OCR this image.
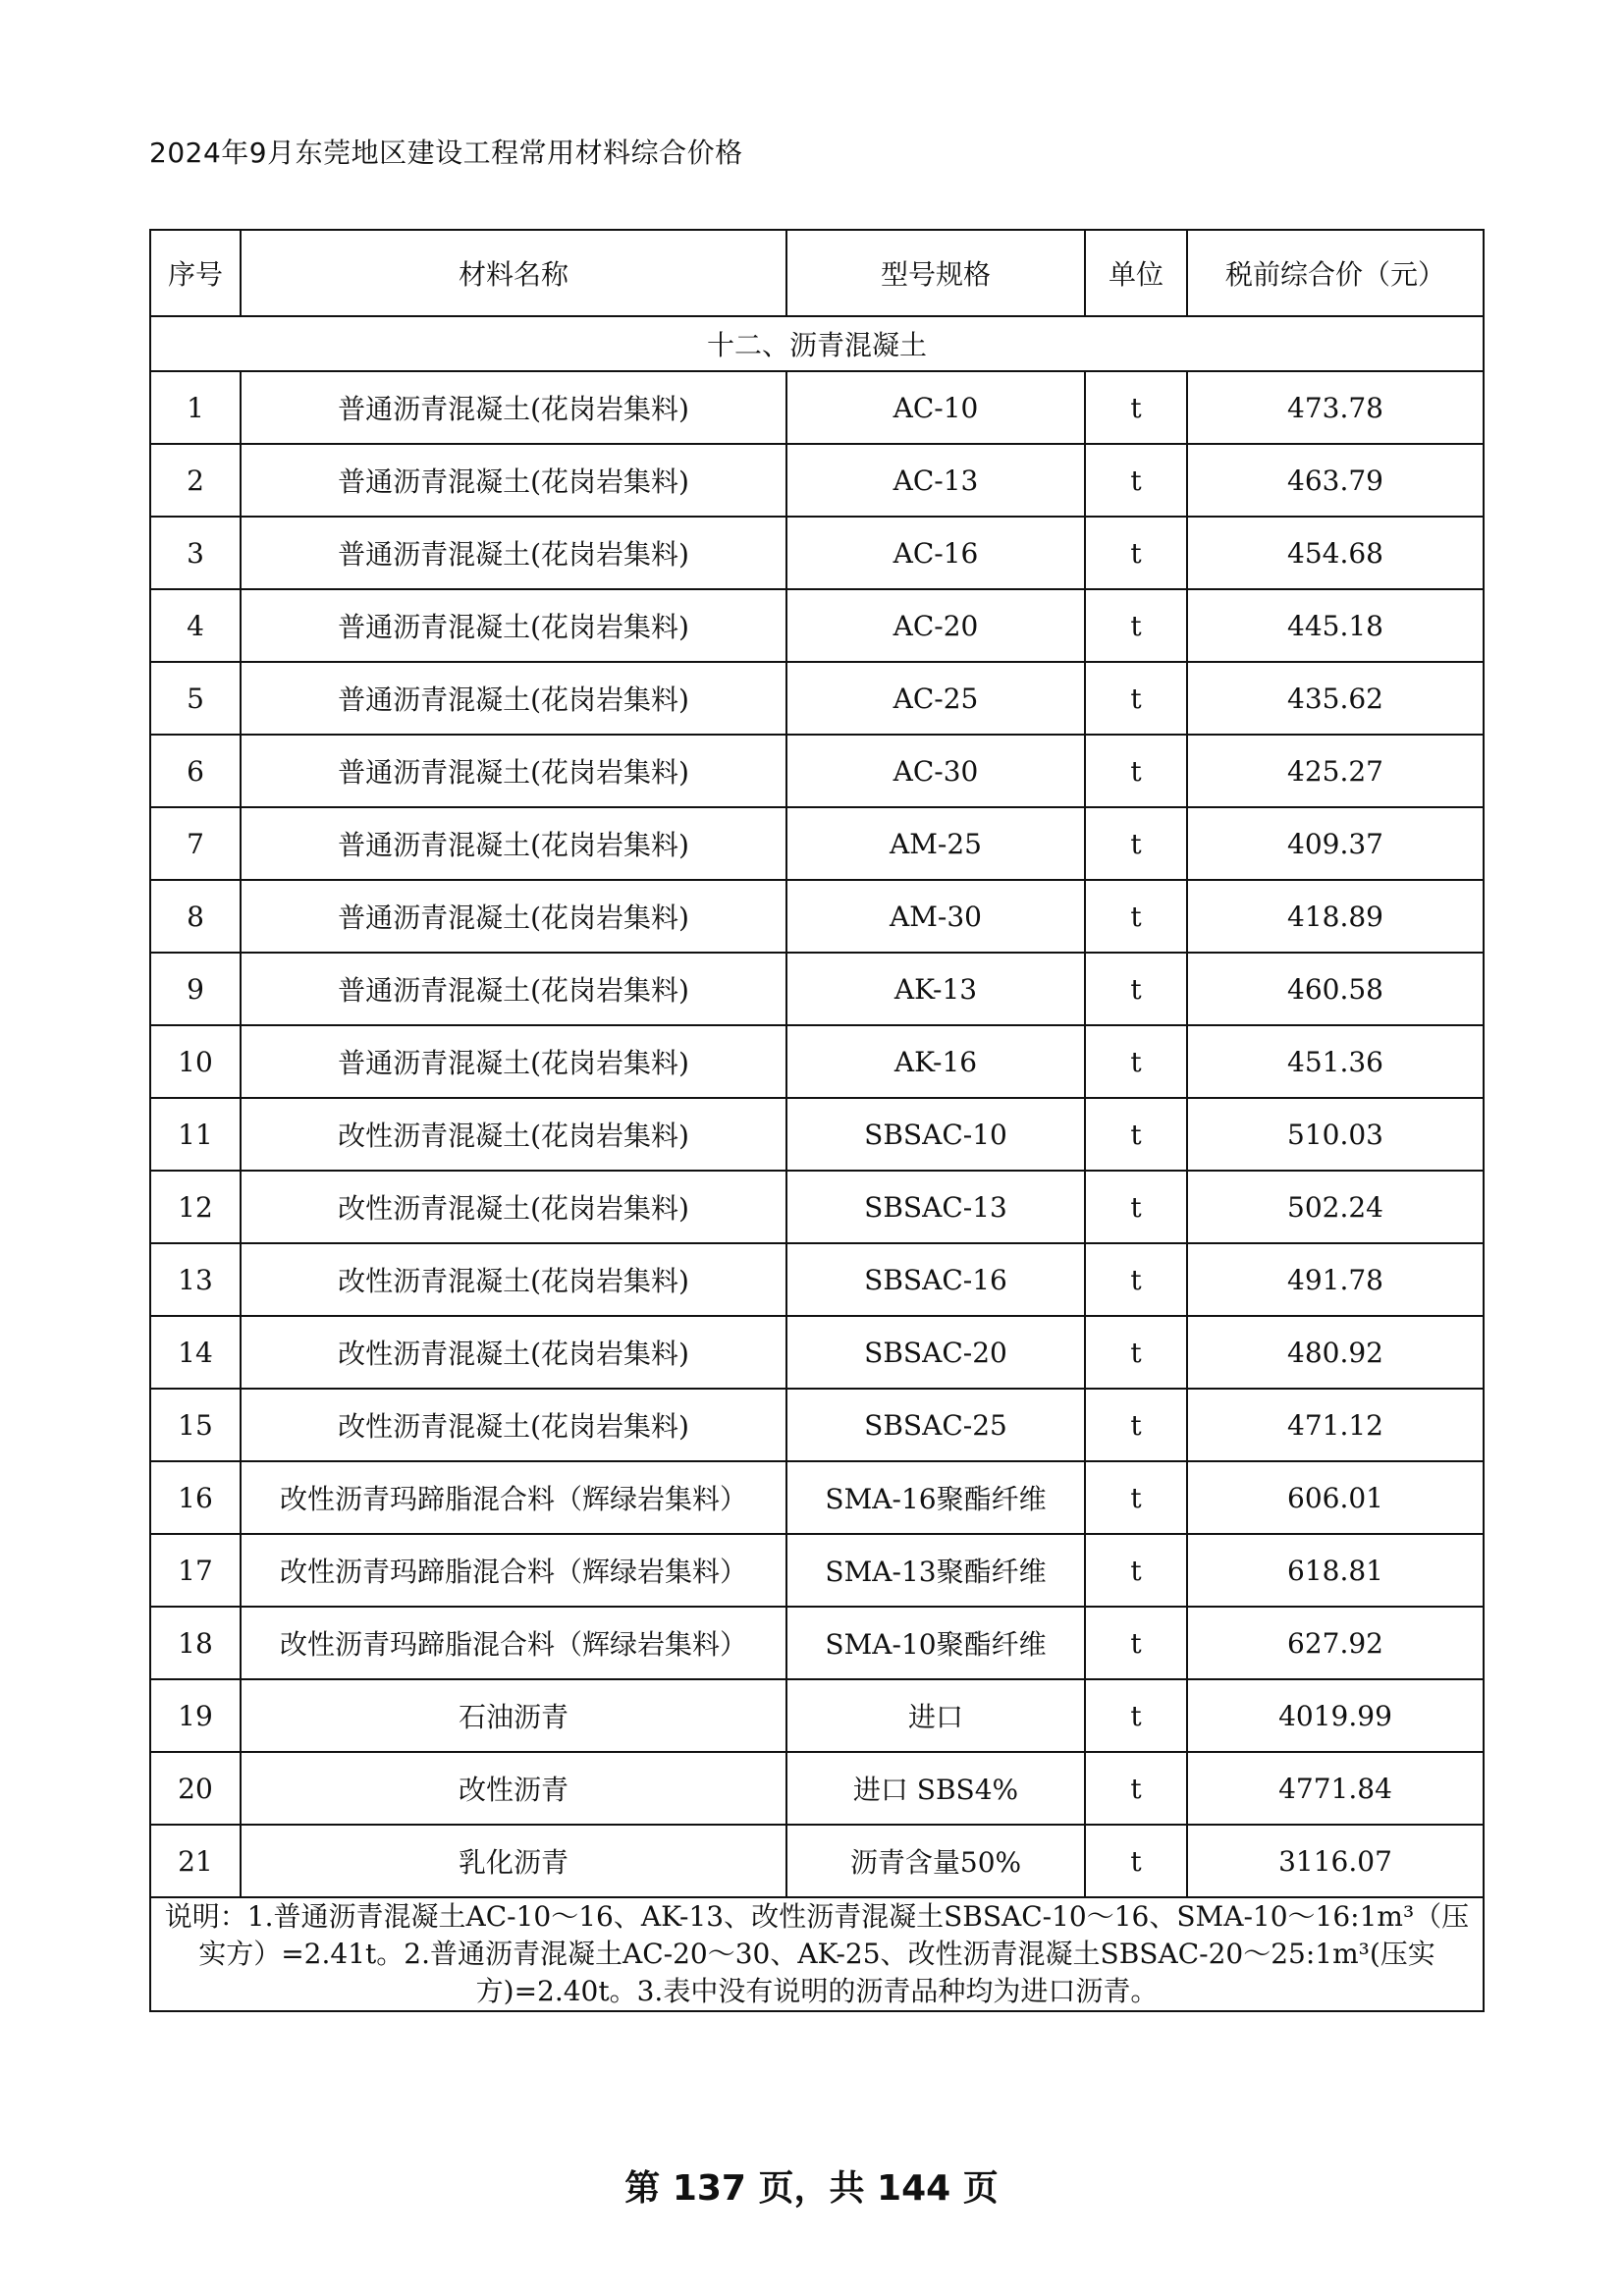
2024年9月东莞地区建设工程常用材料综合价格
序号	材料名称	型号规格	单位	税前综合价（元）
十二、沥青混凝土				
1	普通沥青混凝土(花岗岩集料)	AC-10	t	473.78
2	普通沥青混凝土(花岗岩集料)	AC-13	t	463.79
3	普通沥青混凝土(花岗岩集料)	AC-16	t	454.68
4	普通沥青混凝土(花岗岩集料)	AC-20	t	445.18
5	普通沥青混凝土(花岗岩集料)	AC-25	t	435.62
6	普通沥青混凝土(花岗岩集料)	AC-30	t	425.27
7	普通沥青混凝土(花岗岩集料)	AM-25	t	409.37
8	普通沥青混凝土(花岗岩集料)	AM-30	t	418.89
9	普通沥青混凝土(花岗岩集料)	AK-13	t	460.58
10	普通沥青混凝土(花岗岩集料)	AK-16	t	451.36
11	改性沥青混凝土(花岗岩集料)	SBSAC-10	t	510.03
12	改性沥青混凝土(花岗岩集料)	SBSAC-13	t	502.24
13	改性沥青混凝土(花岗岩集料)	SBSAC-16	t	491.78
14	改性沥青混凝土(花岗岩集料)	SBSAC-20	t	480.92
15	改性沥青混凝土(花岗岩集料)	SBSAC-25	t	471.12
16	改性沥青玛蹄脂混合料（辉绿岩集料）	SMA-16聚酯纤维	t	606.01
17	改性沥青玛蹄脂混合料（辉绿岩集料）	SMA-13聚酯纤维	t	618.81
18	改性沥青玛蹄脂混合料（辉绿岩集料）	SMA-10聚酯纤维	t	627.92
19	石油沥青	进口	t	4019.99
20	改性沥青	进口 SBS4%	t	4771.84
21	乳化沥青	沥青含量50%	t	3116.07
说明：1.普通沥青混凝土AC-10～16、AK-13、改性沥青混凝土SBSAC-10～16、SMA-10～16:1m³（压实方）=2.41t。2.普通沥青混凝土AC-20～30、AK-25、改性沥青混凝土SBSAC-20～25:1m³(压实方)=2.40t。3.表中没有说明的沥青品种均为进口沥青。				
第 137 页，共 144 页
